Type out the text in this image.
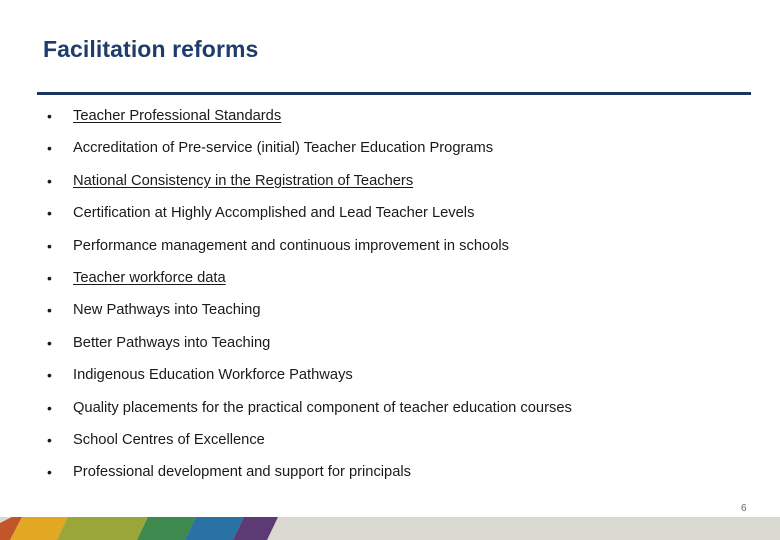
Facilitation reforms
• Teacher Professional Standards
• Accreditation of Pre-service (initial) Teacher Education Programs
• National Consistency in the Registration of Teachers
• Certification at Highly Accomplished and Lead Teacher Levels
• Performance management and continuous improvement in schools
• Teacher workforce data
• New Pathways into Teaching
• Better Pathways into Teaching
• Indigenous Education Workforce Pathways
• Quality placements for the practical component of teacher education courses
• School Centres of Excellence
• Professional development and support for principals
6
